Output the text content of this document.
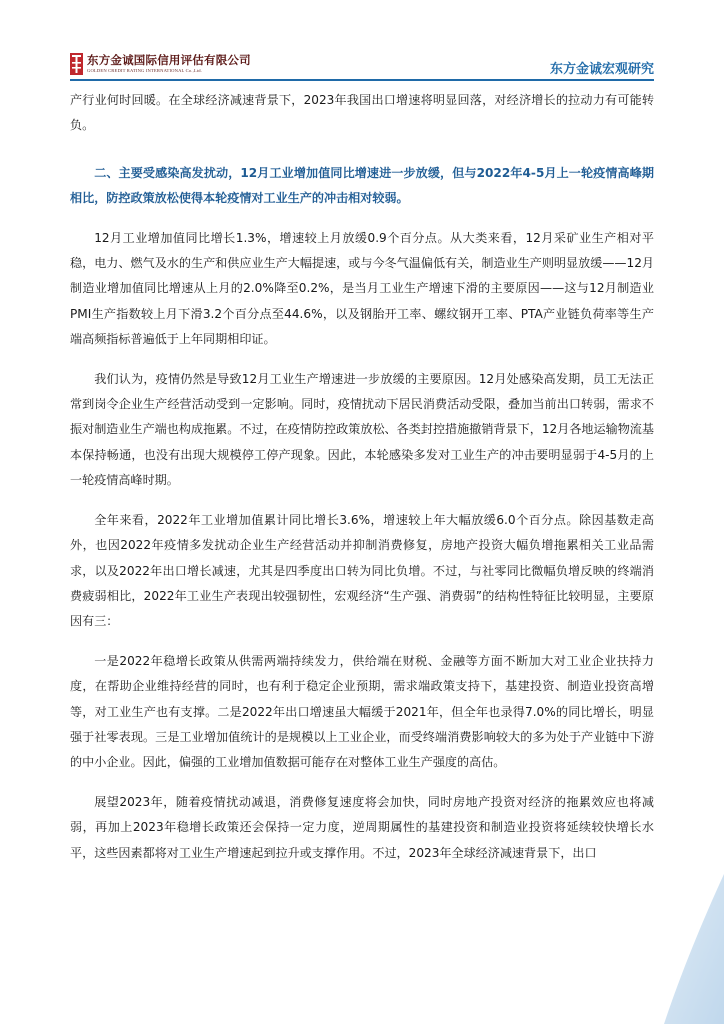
东方金诚国际信用评估有限公司
GOLDEN CREDIT RATING INTERNATIONAL Co.,Ltd.	东方金诚宏观研究

产行业何时回暖。在全球经济减速背景下，2023年我国出口增速将明显回落，对经济增长的拉动力有可能转负。

二、主要受感染高发扰动，12月工业增加值同比增速进一步放缓，但与2022年4-5月上一轮疫情高峰期相比，防控政策放松使得本轮疫情对工业生产的冲击相对较弱。

12月工业增加值同比增长1.3%，增速较上月放缓0.9个百分点。从大类来看，12月采矿业生产相对平稳，电力、燃气及水的生产和供应业生产大幅提速，或与今冬气温偏低有关，制造业生产则明显放缓——12月制造业增加值同比增速从上月的2.0%降至0.2%，是当月工业生产增速下滑的主要原因——这与12月制造业PMI生产指数较上月下滑3.2个百分点至44.6%，以及钢胎开工率、螺纹钢开工率、PTA产业链负荷率等生产端高频指标普遍低于上年同期相印证。

我们认为，疫情仍然是导致12月工业生产增速进一步放缓的主要原因。12月处感染高发期，员工无法正常到岗令企业生产经营活动受到一定影响。同时，疫情扰动下居民消费活动受限，叠加当前出口转弱，需求不振对制造业生产端也构成拖累。不过，在疫情防控政策放松、各类封控措施撤销背景下，12月各地运输物流基本保持畅通，也没有出现大规模停工停产现象。因此，本轮感染多发对工业生产的冲击要明显弱于4-5月的上一轮疫情高峰时期。

全年来看，2022年工业增加值累计同比增长3.6%，增速较上年大幅放缓6.0个百分点。除因基数走高外，也因2022年疫情多发扰动企业生产经营活动并抑制消费修复，房地产投资大幅负增拖累相关工业品需求，以及2022年出口增长减速，尤其是四季度出口转为同比负增。不过，与社零同比微幅负增反映的终端消费疲弱相比，2022年工业生产表现出较强韧性，宏观经济“生产强、消费弱”的结构性特征比较明显，主要原因有三：

一是2022年稳增长政策从供需两端持续发力，供给端在财税、金融等方面不断加大对工业企业扶持力度，在帮助企业维持经营的同时，也有利于稳定企业预期，需求端政策支持下，基建投资、制造业投资高增等，对工业生产也有支撑。二是2022年出口增速虽大幅缓于2021年，但全年也录得7.0%的同比增长，明显强于社零表现。三是工业增加值统计的是规模以上工业企业，而受终端消费影响较大的多为处于产业链中下游的中小企业。因此，偏强的工业增加值数据可能存在对整体工业生产强度的高估。

展望2023年，随着疫情扰动减退，消费修复速度将会加快，同时房地产投资对经济的拖累效应也将减弱，再加上2023年稳增长政策还会保持一定力度，逆周期属性的基建投资和制造业投资将延续较快增长水平，这些因素都将对工业生产增速起到拉升或支撑作用。不过，2023年全球经济减速背景下，出口

3
